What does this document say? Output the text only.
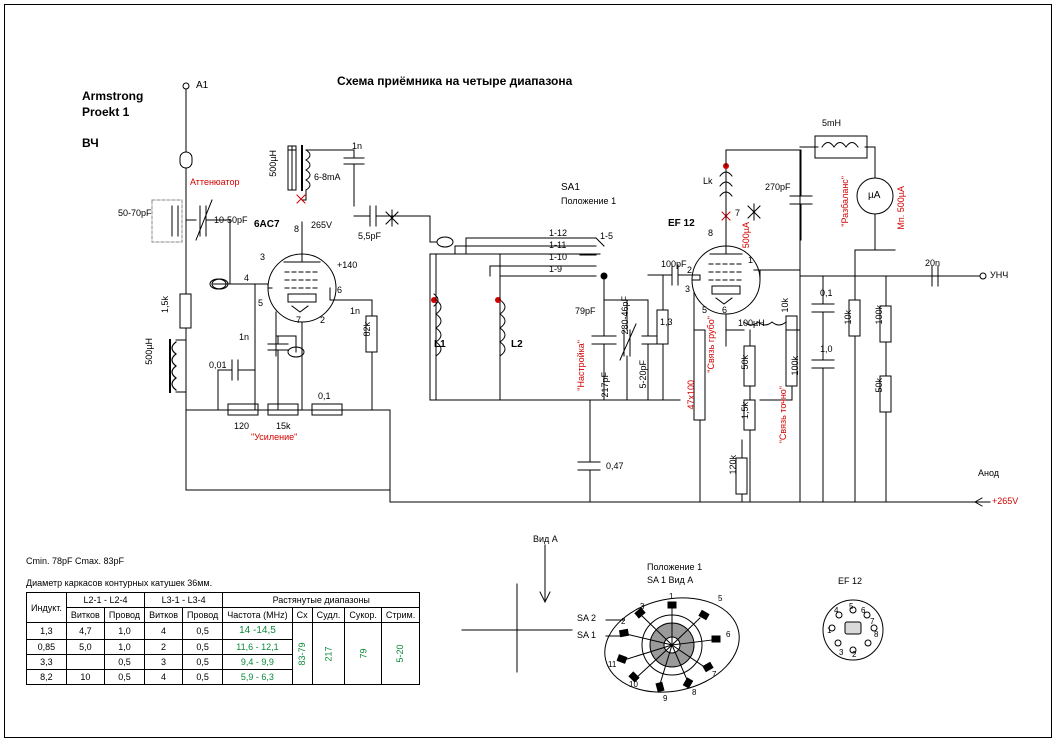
Схема приёмника на четыре диапазона
Armstrong
Proekt 1
ВЧ
A1
Аттенюатор
50-70pF
10-50pF
1,5k
500µH
500µH
6AC7
6-8mA
265V
1n
5,5pF
1n
1n
0,01
0,1
120	15k
"Усиление"
82k
+140
4
5
7 2
3
8
6
L1	L2
SA1
Положение 1
1-12
1-11
1-10
1-9
1-5
79pF	280-46pF
217pF	5-20pF
"Настройка"
1,3
100pF
EF 12	500µA
7
8
1
2
3
5 6
Lk
100µH
47х100
50k
1,5k
10k
100k
"Связь грубо"
"Связь точно"
120k
270pF
5mH
µA Мп. 500µA
"Разбаланс"
10k 100k
50k
0,1
1,0
20n
УНЧ
0,47
Анод
+265V
Cmin. 78pF Cmax. 83pF
Диаметр каркасов контурных катушек 36мм.
Вид А
Положение 1
SA 1 Вид А
SA 2
SA 1
EF 12
1
2
3
5
6
7
8
9
10
11
5 6
7
8
4
1
3 2
Индукт.	L2-1 - L2-4		L3-1 - L3-4		Растянутые диапазоны				
	Витков	Провод	Витков	Провод	Частота (MHz)	Cx	Судл.	Сукор.	Стрим.
1,3	4,7	1,0	4	0,5	14 -14,5	83-79	217	79	5-20
0,85	5,0	1,0	2	0,5	11,6 - 12,1				
3,3		0,5	3	0,5	9,4 - 9,9				
8,2	10	0,5	4	0,5	5,9 - 6,3				
